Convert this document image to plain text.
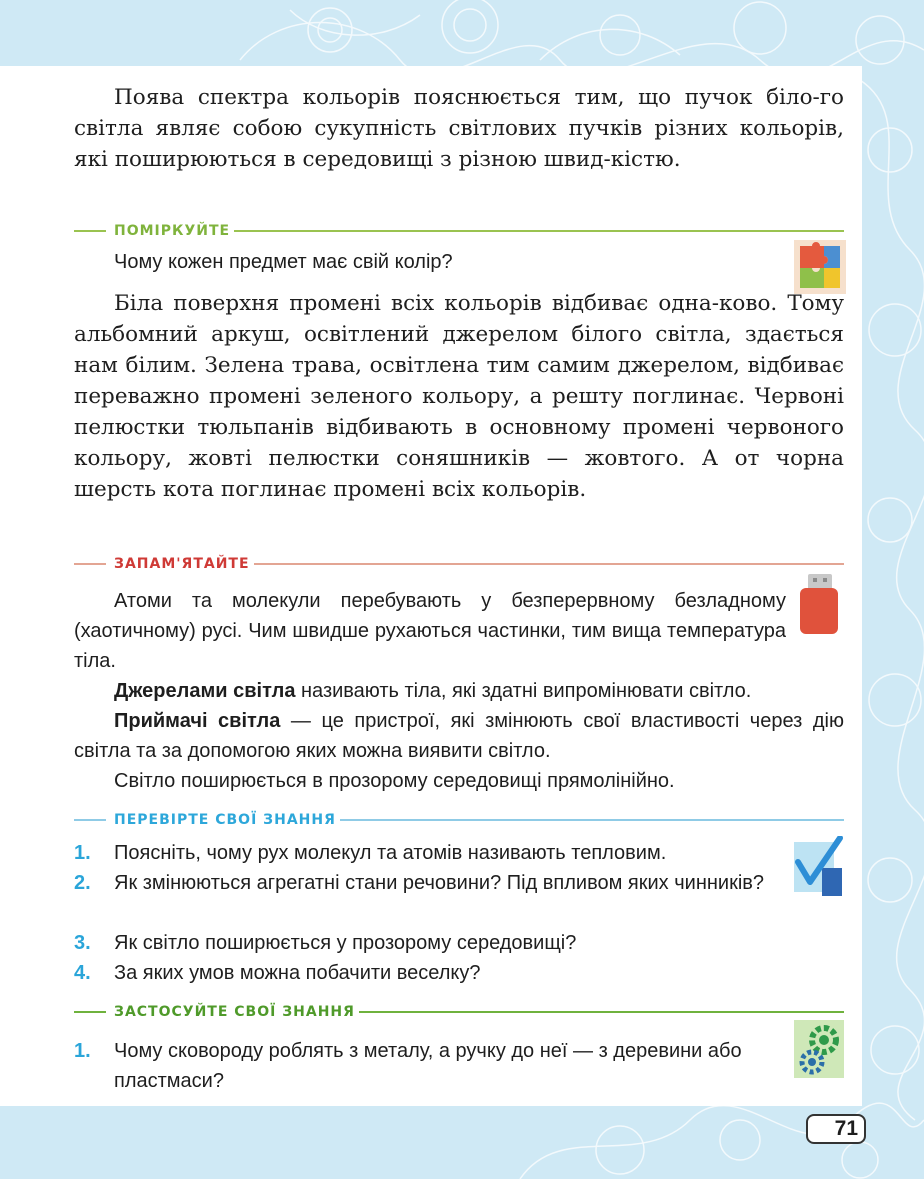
Поява спектра кольорів пояснюється тим, що пучок біло-го світла являє собою сукупність світлових пучків різних кольорів, які поширюються в середовищі з різною швид-кістю.

ПОМІРКУЙТЕ

Чому кожен предмет має свій колір?

Біла поверхня промені всіх кольорів відбиває одна-ково. Тому альбомний аркуш, освітлений джерелом білого світла, здається нам білим. Зелена трава, освітлена тим самим джерелом, відбиває переважно промені зеленого кольору, а решту поглинає. Червоні пелюстки тюльпанів відбивають в основному промені червоного кольору, жовті пелюстки соняшників — жовтого. А от чорна шерсть кота поглинає промені всіх кольорів.

ЗАПАМ'ЯТАЙТЕ

Атоми та молекули перебувають у безперервному безладному (хаотичному) русі. Чим швидше рухаються частинки, тим вища температура тіла.

Джерелами світла називають тіла, які здатні випромінювати світло.

Приймачі світла — це пристрої, які змінюють свої властивості через дію світла та за допомогою яких можна виявити світло.

Світло поширюється в прозорому середовищі прямолінійно.

ПЕРЕВІРТЕ СВОЇ ЗНАННЯ
1. Поясніть, чому рух молекул та атомів називають тепловим.

2. Як змінюються агрегатні стани речовини? Під впливом яких чинників?

3. Як світло поширюється у прозорому середовищі?

4. За яких умов можна побачити веселку?

ЗАСТОСУЙТЕ СВОЇ ЗНАННЯ
1. Чому сковороду роблять з металу, а ручку до неї — з деревини або пластмаси?

71
